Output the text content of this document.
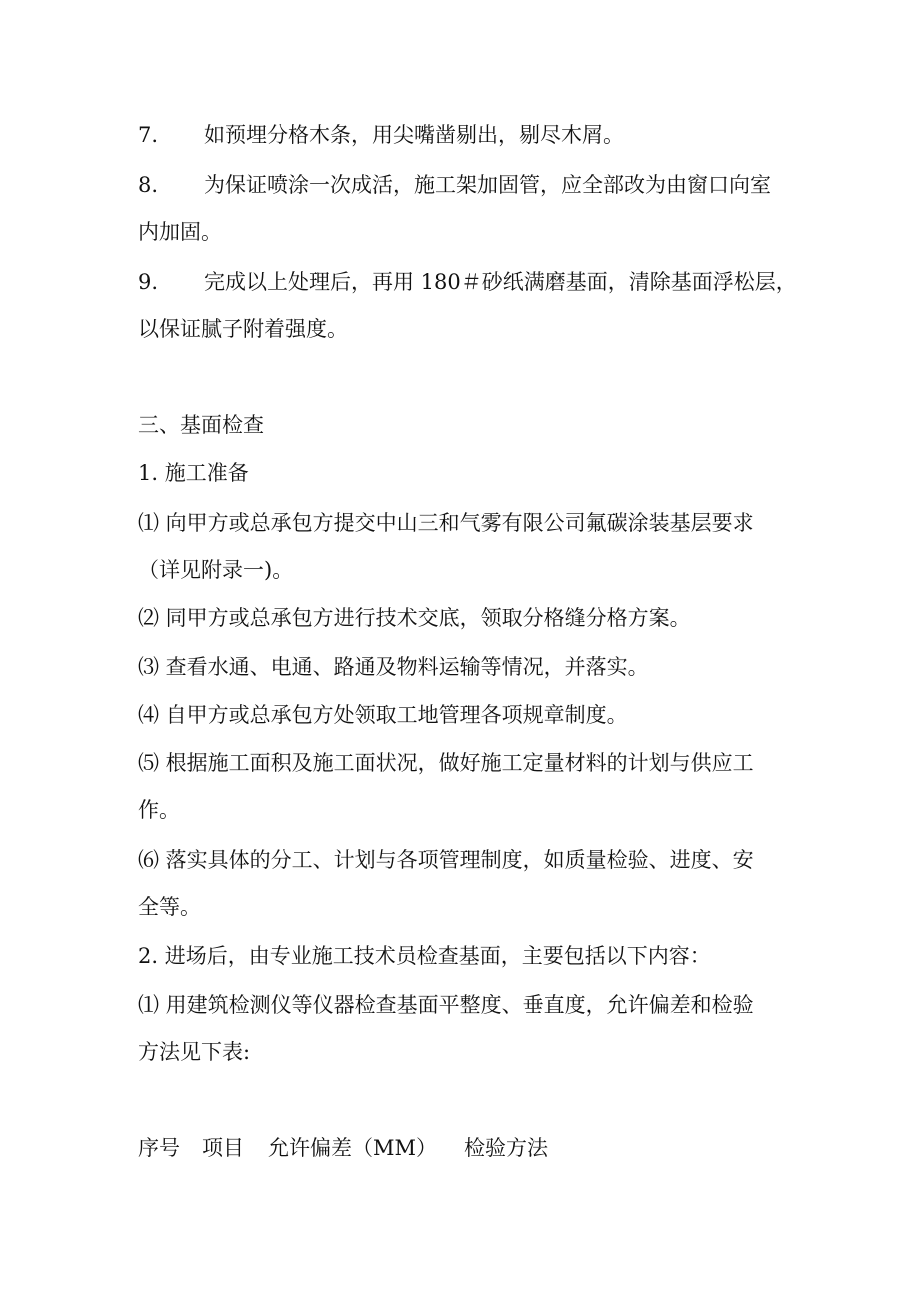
7. 如预埋分格木条，用尖嘴凿剔出，剔尽木屑。
8. 为保证喷涂一次成活，施工架加固管，应全部改为由窗口向室
内加固。
9. 完成以上处理后，再用 180＃砂纸满磨基面，清除基面浮松层，
以保证腻子附着强度。
三、基面检查
1. 施工准备
⑴ 向甲方或总承包方提交中山三和气雾有限公司氟碳涂装基层要求
（详见附录一)。
⑵ 同甲方或总承包方进行技术交底，领取分格缝分格方案。
⑶ 查看水通、电通、路通及物料运输等情况，并落实。
⑷ 自甲方或总承包方处领取工地管理各项规章制度。
⑸ 根据施工面积及施工面状况，做好施工定量材料的计划与供应工
作。
⑹ 落实具体的分工、计划与各项管理制度，如质量检验、进度、安
全等。
2. 进场后，由专业施工技术员检查基面，主要包括以下内容：
⑴ 用建筑检测仪等仪器检查基面平整度、垂直度，允许偏差和检验
方法见下表:
序号 项目 允许偏差（MM） 检验方法
